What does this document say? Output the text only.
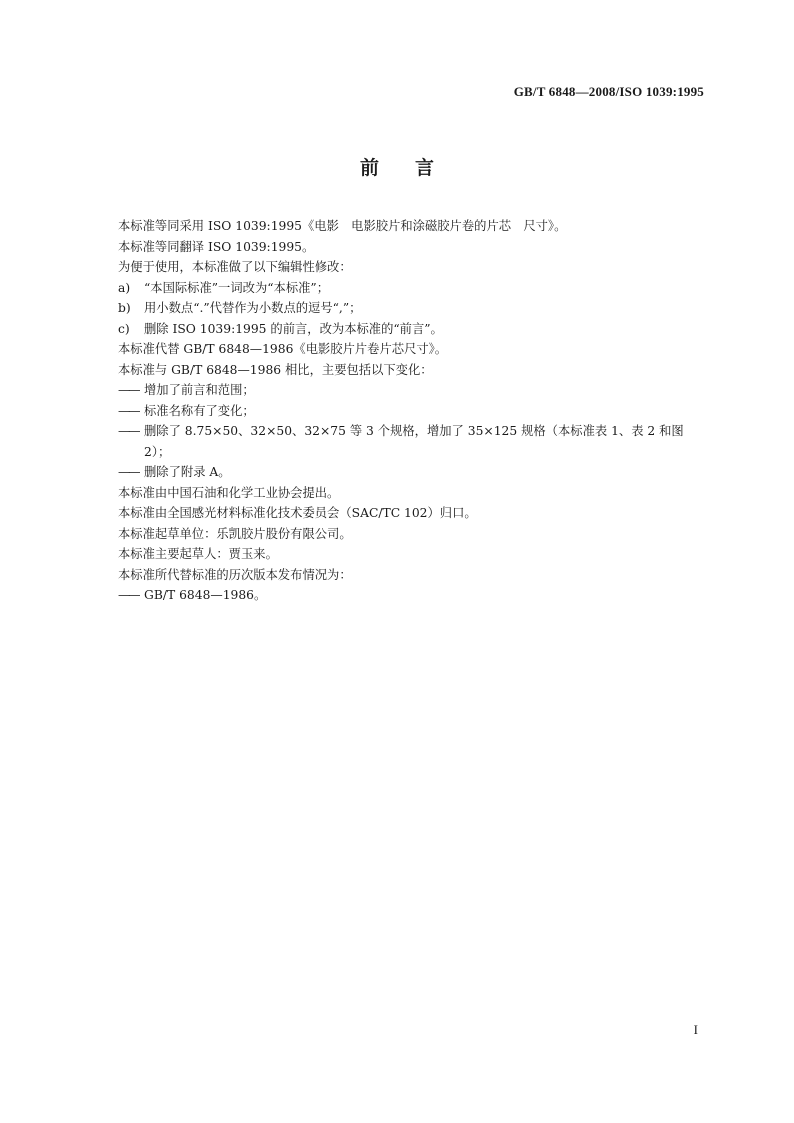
GB/T 6848—2008/ISO 1039:1995
前言
本标准等同采用 ISO 1039:1995《电影　电影胶片和涂磁胶片卷的片芯　尺寸》。
本标准等同翻译 ISO 1039:1995。
为便于使用，本标准做了以下编辑性修改：
a) “本国际标准”一词改为“本标准”；
b) 用小数点“.”代替作为小数点的逗号“,”；
c) 删除 ISO 1039:1995 的前言，改为本标准的“前言”。
本标准代替 GB/T 6848—1986《电影胶片片卷片芯尺寸》。
本标准与 GB/T 6848—1986 相比，主要包括以下变化：
—— 增加了前言和范围；
—— 标准名称有了变化；
—— 删除了 8.75×50、32×50、32×75 等 3 个规格，增加了 35×125 规格（本标准表 1、表 2 和图 2）；
—— 删除了附录 A。
本标准由中国石油和化学工业协会提出。
本标准由全国感光材料标准化技术委员会（SAC/TC 102）归口。
本标准起草单位：乐凯胶片股份有限公司。
本标准主要起草人：贾玉来。
本标准所代替标准的历次版本发布情况为：
—— GB/T 6848—1986。
I
